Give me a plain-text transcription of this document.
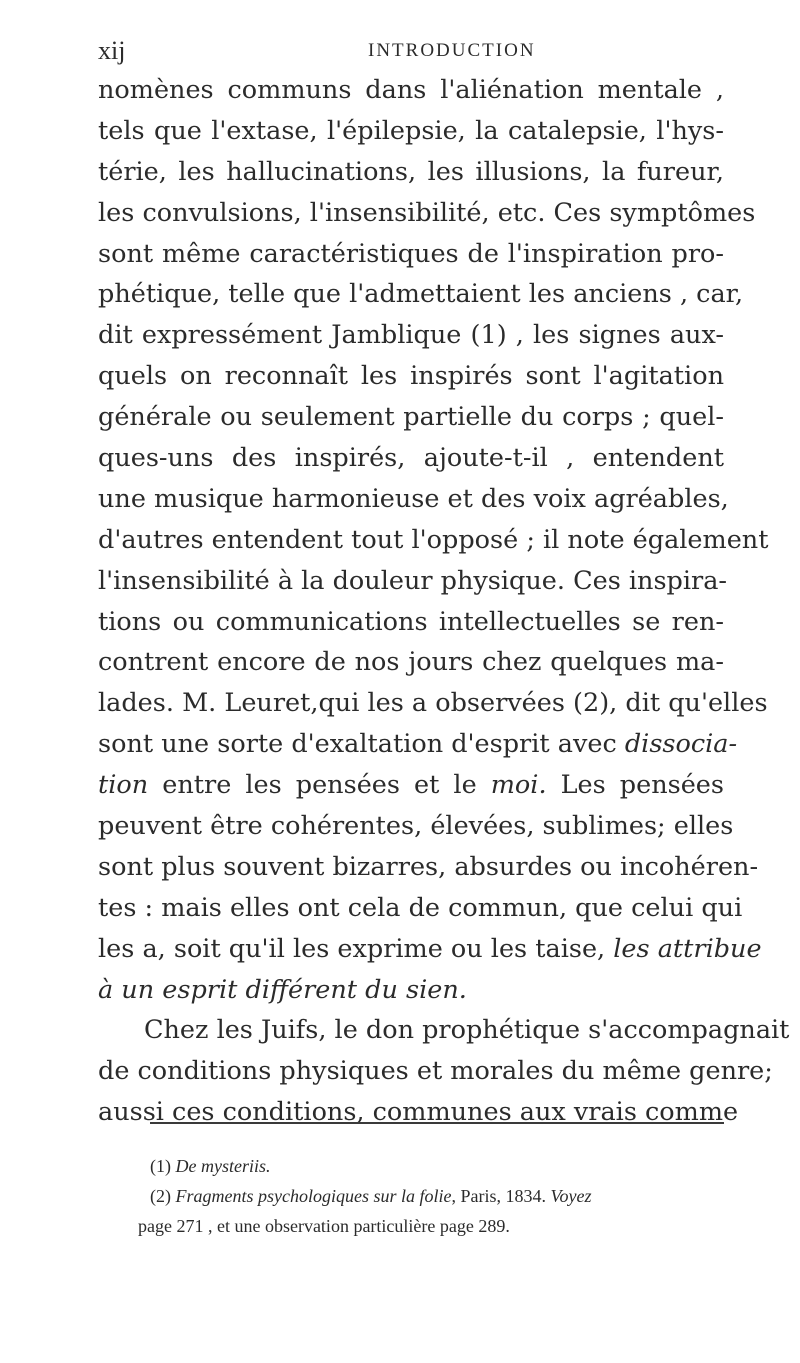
xij	INTRODUCTION
nomènes communs dans l'aliénation mentale ,
tels que l'extase, l'épilepsie, la catalepsie, l'hys-
térie, les hallucinations, les illusions, la fureur,
les convulsions, l'insensibilité, etc. Ces symptômes
sont même caractéristiques de l'inspiration pro-
phétique, telle que l'admettaient les anciens , car,
dit expressément Jamblique (1) , les signes aux-
quels on reconnaît les inspirés sont l'agitation
générale ou seulement partielle du corps ; quel-
ques-uns des inspirés, ajoute-t-il , entendent
une musique harmonieuse et des voix agréables,
d'autres entendent tout l'opposé ; il note également
l'insensibilité à la douleur physique. Ces inspira-
tions ou communications intellectuelles se ren-
contrent encore de nos jours chez quelques ma-
lades. M. Leuret,qui les a observées (2), dit qu'elles
sont une sorte d'exaltation d'esprit avec dissocia-
tion entre les pensées et le moi. Les pensées
peuvent être cohérentes, élevées, sublimes; elles
sont plus souvent bizarres, absurdes ou incohéren-
tes : mais elles ont cela de commun, que celui qui
les a, soit qu'il les exprime ou les taise, les attribue
à un esprit différent du sien.
Chez les Juifs, le don prophétique s'accompagnait
de conditions physiques et morales du même genre;
aussi ces conditions, communes aux vrais comme
(1) De mysteriis.
(2) Fragments psychologiques sur la folie, Paris, 1834. Voyez
page 271 , et une observation particulière page 289.
